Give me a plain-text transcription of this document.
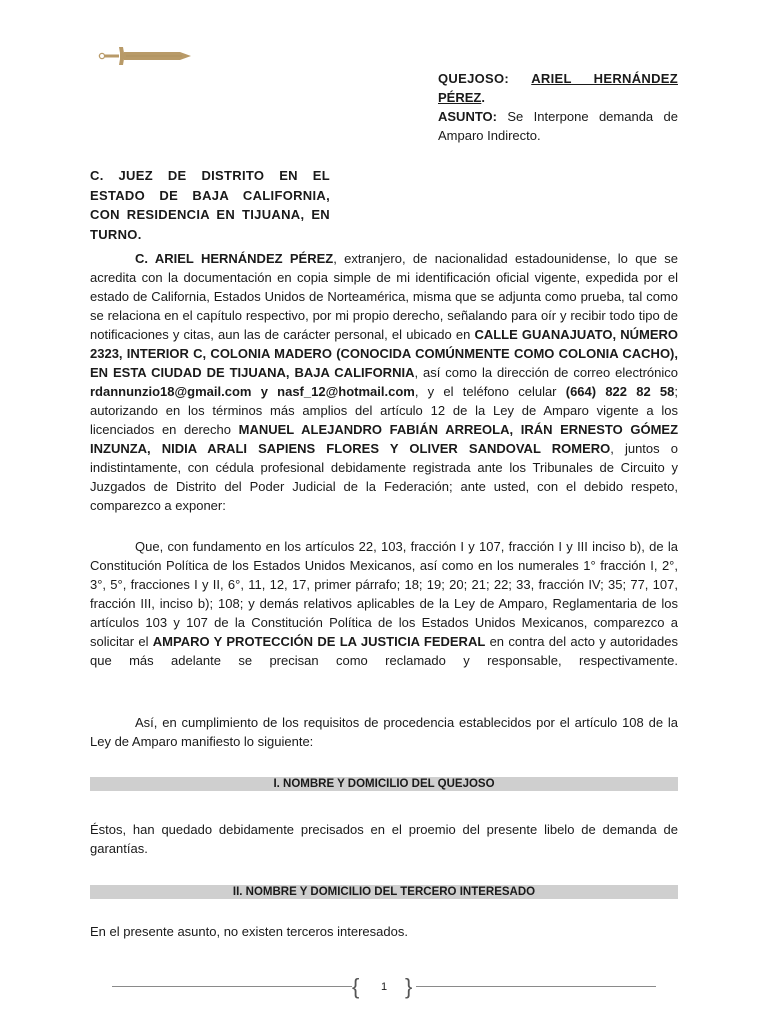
QUEJOSO: ARIEL HERNÁNDEZ

PÉREZ.

ASUNTO: Se Interpone demanda de Amparo Indirecto.

C. JUEZ DE DISTRITO EN EL ESTADO DE BAJA CALIFORNIA, CON RESIDENCIA EN TIJUANA, EN TURNO.

C. ARIEL HERNÁNDEZ PÉREZ, extranjero, de nacionalidad estadounidense, lo que se acredita con la documentación en copia simple de mi identificación oficial vigente, expedida por el estado de California, Estados Unidos de Norteamérica, misma que se adjunta como prueba, tal como se relaciona en el capítulo respectivo, por mi propio derecho, señalando para oír y recibir todo tipo de notificaciones y citas, aun las de carácter personal, el ubicado en CALLE GUANAJUATO, NÚMERO 2323, INTERIOR C, COLONIA MADERO (CONOCIDA COMÚNMENTE COMO COLONIA CACHO), EN ESTA CIUDAD DE TIJUANA, BAJA CALIFORNIA, así como la dirección de correo electrónico rdannunzio18@gmail.com y nasf_12@hotmail.com, y el teléfono celular (664) 822 82 58; autorizando en los términos más amplios del artículo 12 de la Ley de Amparo vigente a los licenciados en derecho MANUEL ALEJANDRO FABIÁN ARREOLA, IRÁN ERNESTO GÓMEZ INZUNZA, NIDIA ARALI SAPIENS FLORES Y OLIVER SANDOVAL ROMERO, juntos o indistintamente, con cédula profesional debidamente registrada ante los Tribunales de Circuito y Juzgados de Distrito del Poder Judicial de la Federación; ante usted, con el debido respeto, comparezco a exponer:

Que, con fundamento en los artículos 22, 103, fracción I y 107, fracción I y III inciso b), de la Constitución Política de los Estados Unidos Mexicanos, así como en los numerales 1° fracción I, 2°, 3°, 5°, fracciones I y II, 6°, 11, 12, 17, primer párrafo; 18; 19; 20; 21; 22; 33, fracción IV; 35; 77, 107, fracción III, inciso b); 108; y demás relativos aplicables de la Ley de Amparo, Reglamentaria de los artículos 103 y 107 de la Constitución Política de los Estados Unidos Mexicanos, comparezco a solicitar el AMPARO Y PROTECCIÓN DE LA JUSTICIA FEDERAL en contra del acto y autoridades que más adelante se precisan como reclamado y responsable, respectivamente.

Así, en cumplimiento de los requisitos de procedencia establecidos por el artículo 108 de la Ley de Amparo manifiesto lo siguiente:

I. NOMBRE Y DOMICILIO DEL QUEJOSO

Éstos, han quedado debidamente precisados en el proemio del presente libelo de demanda de garantías.

II. NOMBRE Y DOMICILIO DEL TERCERO INTERESADO

En el presente asunto, no existen terceros interesados.

{ }
1
